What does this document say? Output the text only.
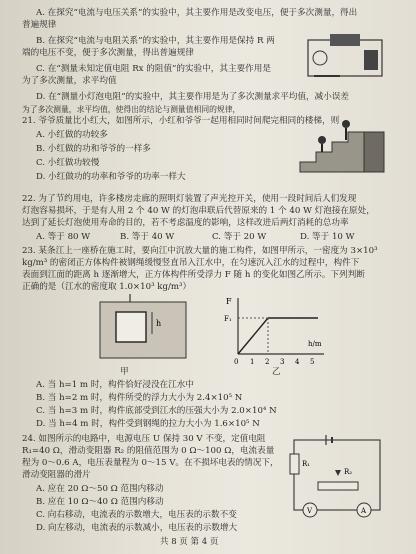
A. 在探究“电流与电压关系”的实验中，其主要作用是改变电压，便于多次测量，得出
普遍规律
B. 在探究“电流与电阻关系”的实验中，其主要作用是保持 R 两
端的电压不变，便于多次测量，得出普遍规律
C. 在“测量未知定值电阻 Rx 的阻值”的实验中，其主要作用是
为了多次测量，求平均值
D. 在“测量小灯泡电阻”的实验中，其主要作用是为了多次测量求平均值，减小误差
为了多次测量，求平均值，使得出的结论与测量值相同的规律，
21. 爷爷质量比小红大，如图所示，小红和爷爷一起用相同时间爬完相同的楼梯，则
A. 小红做的功较多
B. 小红做的功和爷爷的一样多
C. 小红做功较慢
D. 小红做功的功率和爷爷的功率一样大
22. 为了节约用电，许多楼房走廊的照明灯装置了声光控开关，使用一段时间后人们发现
灯泡容易损坏，于是有人用 2 个 40 W 的灯泡串联后代替原来的 1 个 40 W 灯泡接在原处，
达到了延长灯泡使用寿命的目的，若不考虑温度的影响，这样改进后两灯消耗的总功率
A. 等于 80 W	B. 等于 40 W	C. 等于 20 W	D. 等于 10 W
23. 某条江上一座桥在施工时，要向江中沉放大量的施工构件，如图甲所示，一密度为 3×10³
kg/m³ 的密闭正方体构件被钢绳缓慢竖直吊入江水中，在匀速沉入江水的过程中，构件下
表面到江面的距离 h 逐渐增大，正方体构件所受浮力 F 随 h 的变化如图乙所示。下列判断
正确的是（江水的密度取 1.0×10³ kg/m³）
h
甲
F
F₁
h/m
0 1 2 3 4 5
乙
A. 当 h=1 m 时，构件恰好浸没在江水中
B. 当 h=2 m 时，构件所受的浮力大小为 2.4×10⁵ N
C. 当 h=3 m 时，构件底部受到江水的压强大小为 2.0×10⁴ N
D. 当 h=4 m 时，构件受到钢绳的拉力大小为 1.6×10⁵ N
24. 如图所示的电路中，电源电压 U 保持 30 V 不变，定值电阻
R₁=40 Ω，滑动变阻器 R₂ 的阻值范围为 0 Ω～100 Ω，电流表量
程为 0～0.6 A，电压表量程为 0～15 V。在不损坏电表的情况下，
滑动变阻器的滑片
A. 应在 20 Ω～50 Ω 范围内移动
B. 应在 10 Ω～40 Ω 范围内移动
C. 向右移动，电流表的示数增大，电压表的示数不变
D. 向左移动，电流表的示数减小，电压表的示数增大
R₁
R₂
V	A
共 8 页 第 4 页
